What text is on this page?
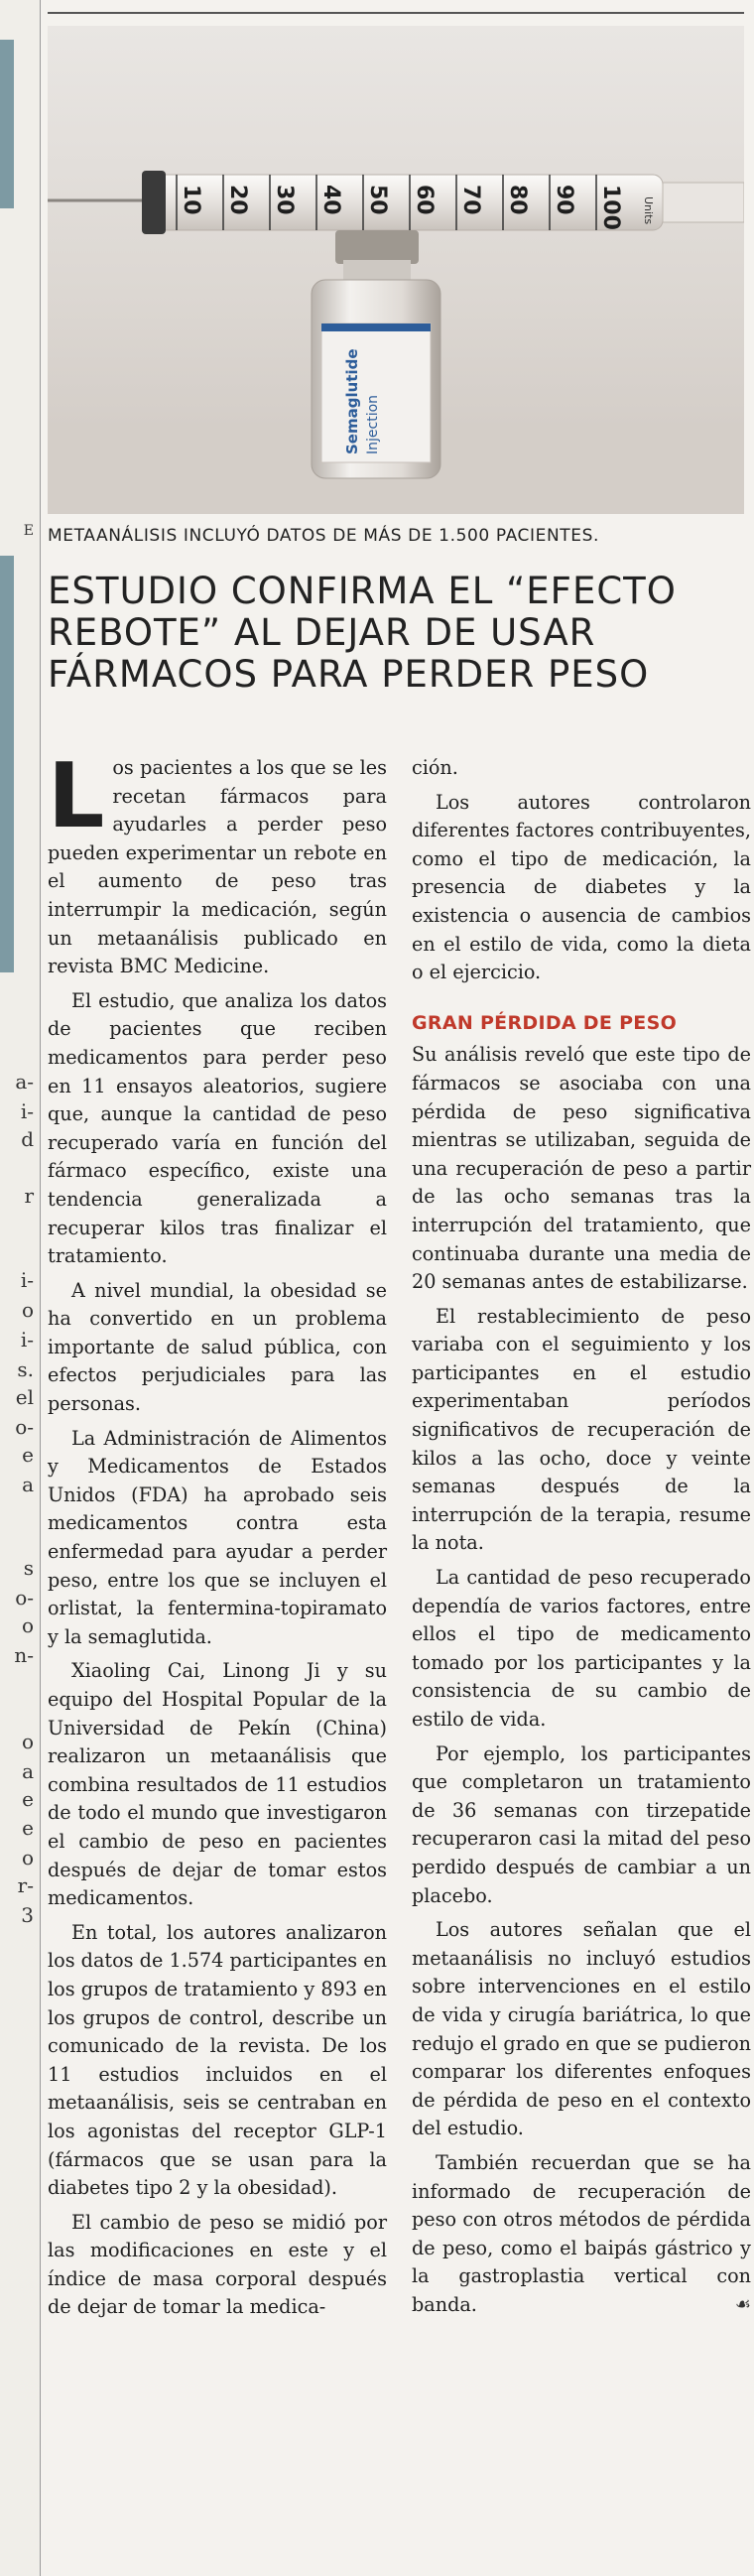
E
a-
i-
d
r
i-
o
i-
s.
el
o-
e
a
s
o-
o
n-
o
a
e
e
o
r-
3
10 20 30 40 50 60 70 80 90 100 Units
Semaglutide Injection
METAANÁLISIS INCLUYÓ DATOS DE MÁS DE 1.500 PACIENTES.
ESTUDIO CONFIRMA EL “EFECTO REBOTE” AL DEJAR DE USAR FÁRMACOS PARA PERDER PESO

Los pacientes a los que se les recetan fármacos para ayudarles a perder peso pueden experimentar un rebote en el aumento de peso tras interrumpir la medicación, según un metaanálisis publicado en revista BMC Medicine.

El estudio, que analiza los datos de pacientes que reciben medicamentos para perder peso en 11 ensayos aleatorios, sugiere que, aunque la cantidad de peso recuperado varía en función del fármaco específico, existe una tendencia generalizada a recuperar kilos tras finalizar el tratamiento.

A nivel mundial, la obesidad se ha convertido en un problema importante de salud pública, con efectos perjudiciales para las personas.

La Administración de Alimentos y Medicamentos de Estados Unidos (FDA) ha aprobado seis medicamentos contra esta enfermedad para ayudar a perder peso, entre los que se incluyen el orlistat, la fentermina-topiramato y la semaglutida.

Xiaoling Cai, Linong Ji y su equipo del Hospital Popular de la Universidad de Pekín (China) realizaron un metaanálisis que combina resultados de 11 estudios de todo el mundo que investigaron el cambio de peso en pacientes después de dejar de tomar estos medicamentos.

En total, los autores analizaron los datos de 1.574 participantes en los grupos de tratamiento y 893 en los grupos de control, describe un comunicado de la revista. De los 11 estudios incluidos en el metaanálisis, seis se centraban en los agonistas del receptor GLP-1 (fármacos que se usan para la diabetes tipo 2 y la obesidad).

El cambio de peso se midió por las modificaciones en este y el índice de masa corporal después de dejar de tomar la medica-

ción.

Los autores controlaron diferentes factores contribuyentes, como el tipo de medicación, la presencia de diabetes y la existencia o ausencia de cambios en el estilo de vida, como la dieta o el ejercicio.

GRAN PÉRDIDA DE PESO

Su análisis reveló que este tipo de fármacos se asociaba con una pérdida de peso significativa mientras se utilizaban, seguida de una recuperación de peso a partir de las ocho semanas tras la interrupción del tratamiento, que continuaba durante una media de 20 semanas antes de estabilizarse.

El restablecimiento de peso variaba con el seguimiento y los participantes en el estudio experimentaban períodos significativos de recuperación de kilos a las ocho, doce y veinte semanas después de la interrupción de la terapia, resume la nota.

La cantidad de peso recuperado dependía de varios factores, entre ellos el tipo de medicamento tomado por los participantes y la consistencia de su cambio de estilo de vida.

Por ejemplo, los participantes que completaron un tratamiento de 36 semanas con tirzepatide recuperaron casi la mitad del peso perdido después de cambiar a un placebo.

Los autores señalan que el metaanálisis no incluyó estudios sobre intervenciones en el estilo de vida y cirugía bariátrica, lo que redujo el grado en que se pudieron comparar los diferentes enfoques de pérdida de peso en el contexto del estudio.

También recuerdan que se ha informado de recuperación de peso con otros métodos de pérdida de peso, como el baipás gástrico y la gastroplastia vertical con banda.	☙
